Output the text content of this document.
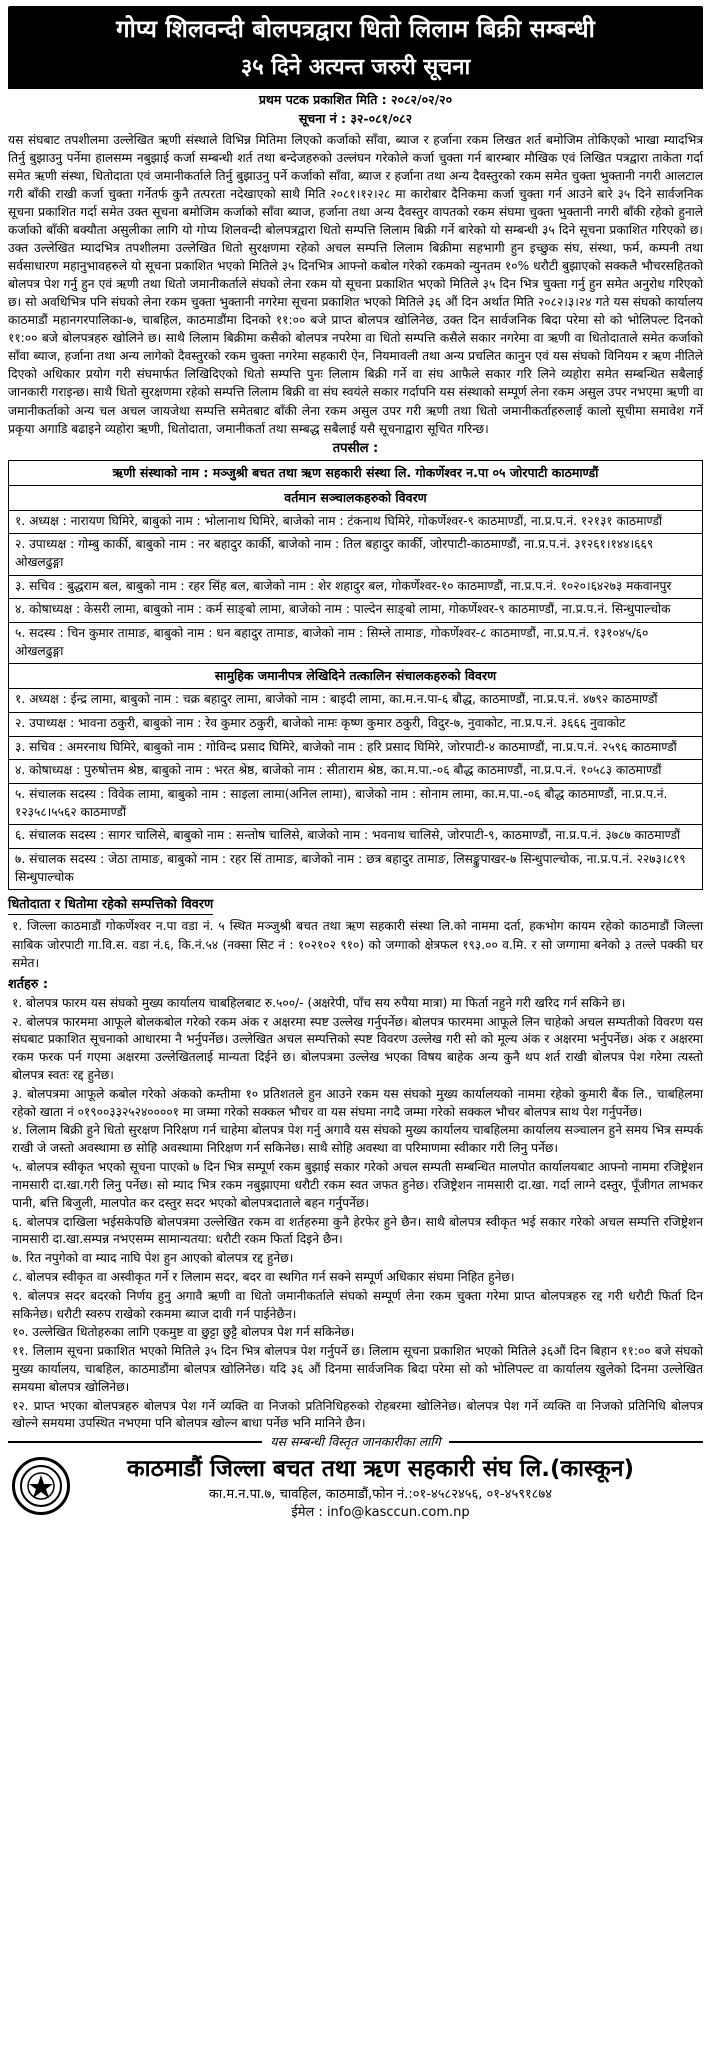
गोप्य शिलवन्दी बोलपत्रद्वारा धितो लिलाम बिक्री सम्बन्धी
३५ दिने अत्यन्त जरुरी सूचना
प्रथम पटक प्रकाशित मिति : २०८२/०२/२०
सूचना नं : ३२-०८१/०८२
यस संघबाट तपशीलमा उल्लेखित ऋणी संस्थाले विभिन्न मितिमा लिएको कर्जाको साँवा, ब्याज र हर्जाना रकम लिखत शर्त बमोजिम तोकिएको भाखा म्यादभित्र तिर्नु बुझाउनु पर्नेमा हालसम्म नबुझाई कर्जा सम्बन्धी शर्त तथा बन्देजहरुको उल्लंघन गरेकोले कर्जा चुक्ता गर्न बारम्बार मौखिक एवं लिखित पत्रद्वारा ताकेता गर्दा समेत ऋणी संस्था, धितोदाता एवं जमानीकर्ताले तिर्नु बुझाउनु पर्ने कर्जाको साँवा, ब्याज र हर्जाना तथा अन्य दैवस्तुरको रकम समेत चुक्ता भुक्तानी नगरी आलटाल गरी बाँकी राखी कर्जा चुक्ता गर्नेतर्फ कुनै तत्परता नदेखाएको साथै मिति २०८१।१२।२८ मा कारोबार दैनिकमा कर्जा चुक्ता गर्न आउने बारे ३५ दिने सार्वजनिक सूचना प्रकाशित गर्दा समेत उक्त सूचना बमोजिम कर्जाको साँवा ब्याज, हर्जाना तथा अन्य दैवस्तुर वापतको रकम संघमा चुक्ता भुक्तानी नगरी बाँकी रहेको हुनाले कर्जाको बाँकी बक्यौता असुलीका लागि यो गोप्य शिलवन्दी बोलपत्रद्वारा धितो सम्पत्ति लिलाम बिक्री गर्ने बारेको यो सम्बन्धी ३५ दिने सूचना प्रकाशित गरिएको छ। उक्त उल्लेखित म्यादभित्र तपशीलमा उल्लेखित धितो सुरक्षणमा रहेको अचल सम्पत्ति लिलाम बिक्रीमा सहभागी हुन इच्छुक संघ, संस्था, फर्म, कम्पनी तथा सर्वसाधारण महानुभावहरुले यो सूचना प्रकाशित भएको मितिले ३५ दिनभित्र आफ्नो कबोल गरेको रकमको न्युनतम १०% धरौटी बुझाएको सक्कलै भौचरसहितको बोलपत्र पेश गर्नु हुन एवं ऋणी तथा धितो जमानीकर्ताले संघको लेना रकम यो सूचना प्रकाशित भएको मितिले ३५ दिन भित्र चुक्ता गर्नु हुन समेत अनुरोध गरिएको छ। सो अवधिभित्र पनि संघको लेना रकम चुक्ता भुक्तानी नगरेमा सूचना प्रकाशित भएको मितिले ३६ औं दिन अर्थात मिति २०८२।३।२४ गते यस संघको कार्यालय काठमाडौं महानगरपालिका-७, चाबहिल, काठमाडौंमा दिनको ११:०० बजे प्राप्त बोलपत्र खोलिनेछ, उक्त दिन सार्वजनिक बिदा परेमा सो को भोलिपल्ट दिनको ११:०० बजे बोलपत्रहरु खोलिने छ। साथै लिलाम बिक्रीमा कसैको बोलपत्र नपरेमा वा धितो सम्पत्ति कसैले सकार नगरेमा वा ऋणी वा धितोदाताले समेत कर्जाको साँवा ब्याज, हर्जाना तथा अन्य लागेको दैवस्तुरको रकम चुक्ता नगरेमा सहकारी ऐन, नियमावली तथा अन्य प्रचलित कानुन एवं यस संघको विनियम र ऋण नीतिले दिएको अधिकार प्रयोग गरी संघमार्फत लिखिदिएको धितो सम्पत्ति पुनः लिलाम बिक्री गर्ने वा संघ आफैले सकार गरि लिने व्यहोरा समेत सम्बन्धित सबैलाई जानकारी गराइन्छ। साथै धितो सुरक्षणमा रहेको सम्पत्ति लिलाम बिक्री वा संघ स्वयंले सकार गर्दापनि यस संस्थाको सम्पूर्ण लेना रकम असुल उपर नभएमा ऋणी वा जमानीकर्ताको अन्य चल अचल जायजेथा सम्पत्ति समेतबाट बाँकी लेना रकम असुल उपर गरी ऋणी तथा धितो जमानीकर्ताहरुलाई कालो सूचीमा समावेश गर्ने प्रकृया अगाडि बढाइने व्यहोरा ऋणी, धितोदाता, जमानीकर्ता तथा सम्बद्ध सबैलाई यसै सूचनाद्वारा सूचित गरिन्छ।
तपसील :
ऋणी संस्थाको नाम : मञ्जुश्री बचत तथा ऋण सहकारी संस्था लि. गोकर्णेश्वर न.पा ०५ जोरपाटी काठमाण्डौं
वर्तमान सञ्चालकहरुको विवरण
१. अध्यक्ष : नारायण घिमिरे, बाबुको नाम : भोलानाथ घिमिरे, बाजेको नाम : टंकनाथ घिमिरे, गोकर्णेश्वर-९ काठमाण्डौं, ना.प्र.प.नं. १२१३१ काठमाण्डौं
२. उपाध्यक्ष : गोम्बु कार्की, बाबुको नाम : नर बहादुर कार्की, बाजेको नाम : तिल बहादुर कार्की, जोरपाटी-काठमाण्डौं, ना.प्र.प.नं. ३१२६१।१४४।६६९ ओखलढुङ्गा
३. सचिव : बुद्धराम बल, बाबुको नाम : रहर सिंह बल, बाजेको नाम : शेर शहादुर बल, गोकर्णेश्वर-१० काठमाण्डौं, ना.प्र.प.नं. १०२०।६४२७३ मकवानपुर
४. कोषाध्यक्ष : केसरी लामा, बाबुको नाम : कर्म साङ्बो लामा, बाजेको नाम : पाल्देन साङ्बो लामा, गोकर्णेश्वर-९ काठमाण्डौं, ना.प्र.प.नं. सिन्धुपाल्चोक
५. सदस्य : चिन कुमार तामाङ, बाबुको नाम : धन बहादुर तामाङ, बाजेको नाम : सिम्ले तामाङ, गोकर्णेश्वर-८ काठमाण्डौं, ना.प्र.प.नं. १३१०४५/६० ओखलढुङ्गा
सामुहिक जमानीपत्र लेखिदिने तत्कालिन संचालकहरुको विवरण
१. अध्यक्ष : ईन्द्र लामा, बाबुको नाम : चक्र बहादुर लामा, बाजेको नाम : बाइदी लामा, का.म.न.पा-६ बौद्ध, काठमाण्डौं, ना.प्र.प.नं. ४७९२ काठमाण्डौं
२. उपाध्यक्ष : भावना ठकुरी, बाबुको नाम : रेव कुमार ठकुरी, बाजेको नामः कृष्ण कुमार ठकुरी, विदुर-७, नुवाकोट, ना.प्र.प.नं. ३६६६ नुवाकोट
३. सचिव : अमरनाथ घिमिरे, बाबुको नाम : गोविन्द प्रसाद घिमिरे, बाजेको नाम : हरि प्रसाद घिमिरे, जोरपाटी-४ काठमाण्डौं, ना.प्र.प.नं. २५९६ काठमाण्डौं
४. कोषाध्यक्ष : पुरुषोत्तम श्रेष्ठ, बाबुको नाम : भरत श्रेष्ठ, बाजेको नाम : सीताराम श्रेष्ठ, का.म.पा.-०६ बौद्ध काठमाण्डौं, ना.प्र.प.नं. १०५८३ काठमाण्डौं
५. संचालक सदस्य : विवेक लामा, बाबुको नाम : साइला लामा(अनिल लामा), बाजेको नाम : सोनाम लामा, का.म.पा.-०६ बौद्ध काठमाण्डौं, ना.प्र.प.नं. १२३५८।५५६२ काठमाण्डौं
६. संचालक सदस्य : सागर चालिसे, बाबुको नाम : सन्तोष चालिसे, बाजेको नाम : भवनाथ चालिसे, जोरपाटी-९, काठमाण्डौं, ना.प्र.प.नं. ३७८७ काठमाण्डौं
७. संचालक सदस्य : जेठा तामाङ, बाबुको नाम : रहर सिं तामाङ, बाजेको नाम : छत्र बहादुर तामाङ, लिसङ्कुपाखर-७ सिन्धुपाल्चोक, ना.प्र.प.नं. २२७३।८१९ सिन्धुपाल्चोक
धितोदाता र धितोमा रहेको सम्पत्तिको विवरण
१. जिल्ला काठमाडौं गोकर्णेश्वर न.पा वडा नं. ५ स्थित मञ्जुश्री बचत तथा ऋण सहकारी संस्था लि.को नाममा दर्ता, हकभोग कायम रहेको काठमाडौं जिल्ला साबिक जोरपाटी गा.वि.स. वडा नं.६, कि.नं.५४ (नक्सा सिट नं : १०२१०२ ९१०) को जग्गाको क्षेत्रफल १९३.०० व.मि. र सो जग्गामा बनेको ३ तल्ले पक्की घर समेत।
शर्तहरु :
१. बोलपत्र फारम यस संघको मुख्य कार्यालय चाबहिलबाट रु.५००/- (अक्षरेपी, पाँच सय रुपैया मात्रा) मा फिर्ता नहुने गरी खरिद गर्न सकिने छ।
२. बोलपत्र फारममा आफूले बोलकबोल गरेको रकम अंक र अक्षरमा स्पष्ट उल्लेख गर्नुपर्नेछ। बोलपत्र फारममा आफूले लिन चाहेको अचल सम्पतीको विवरण यस संघबाट प्रकाशित सूचनाको आधारमा नै भर्नुपर्नेछ। उल्लेखित अचल सम्पत्तिको स्पष्ट विवरण उल्लेख गरी सो को मूल्य अंक र अक्षरमा भर्नुपर्नेछ। अंक र अक्षरमा रकम फरक पर्न गएमा अक्षरमा उल्लेखितलाई मान्यता दिईने छ। बोलपत्रमा उल्लेख भएका विषय बाहेक अन्य कुनै थप शर्त राखी बोलपत्र पेश गरेमा त्यस्तो बोलपत्र स्वतः रद्द हुनेछ।
३. बोलपत्रमा आफूले कबोल गरेको अंकको कम्तीमा १० प्रतिशतले हुन आउने रकम यस संघको मुख्य कार्यालयको नाममा रहेको कुमारी बैंक लि., चाबहिलमा रहेको खाता नं ०१९००३३२५२४००००१ मा जम्मा गरेको सक्कल भौचर वा यस संघमा नगदै जम्मा गरेको सक्कल भौचर बोलपत्र साथ पेश गर्नुपर्नेछ।
४. लिलाम बिक्री हुने धितो सुरक्षण निरिक्षण गर्न चाहेमा बोलपत्र पेश गर्नु अगावै यस संघको मुख्य कार्यालय चाबहिलमा कार्यालय सञ्चालन हुने समय भित्र सम्पर्क राखी जे जस्तो अवस्थामा छ सोहि अवस्थामा निरिक्षण गर्न सकिनेछ। साथै सोहि अवस्था वा परिमाणमा स्वीकार गरी लिनु पर्नेछ।
५. बोलपत्र स्वीकृत भएको सूचना पाएको ७ दिन भित्र सम्पूर्ण रकम बुझाई सकार गरेको अचल सम्पती सम्बन्धित मालपोत कार्यालयबाट आफ्नो नाममा रजिष्ट्रेशन नामसारी दा.खा.गरी लिनु पर्नेछ। सो म्याद भित्र रकम नबुझाएमा धरौटी रकम स्वत जफत हुनेछ। रजिष्ट्रेशन नामसारी दा.खा. गर्दा लाग्ने दस्तुर, पूँजीगत लाभकर पानी, बत्ति बिजुली, मालपोत कर दस्तुर सदर भएको बोलपत्रदाताले बहन गर्नुपर्नेछ।
६. बोलपत्र दाखिला भईसकेपछि बोलपत्रमा उल्लेखित रकम वा शर्तहरुमा कुनै हेरफेर हुने छैन। साथै बोलपत्र स्वीकृत भई सकार गरेको अचल सम्पत्ति रजिष्ट्रेशन नामसारी दा.खा.सम्पन्न नभएसम्म सामान्यतया: धरौटी रकम फिर्ता दिइने छैन।
७. रित नपुगेको वा म्याद नाघि पेश हुन आएको बोलपत्र रद्द हुनेछ।
८. बोलपत्र स्वीकृत वा अस्वीकृत गर्ने र लिलाम सदर, बदर वा स्थगित गर्न सक्ने सम्पूर्ण अधिकार संघमा निहित हुनेछ।
९. बोलपत्र सदर बदरको निर्णय हुनु अगावै ऋणी वा धितो जमानीकर्ताले संघको सम्पूर्ण लेना रकम चुक्ता गरेमा प्राप्त बोलपत्रहरु रद्द गरी धरौटी फिर्ता दिन सकिनेछ। धरौटी स्वरुप राखेको रकममा ब्याज दावी गर्न पाईनेछैन।
१०. उल्लेखित धितोहरुका लागि एकमुष्ट वा छुट्टा छुट्टै बोलपत्र पेश गर्न सकिनेछ।
११. लिलाम सूचना प्रकाशित भएको मितिले ३५ दिन भित्र बोलपत्र पेश गर्नुपर्ने छ। लिलाम सूचना प्रकाशित भएको मितिले ३६औं दिन बिहान ११:०० बजे संघको मुख्य कार्यालय, चाबहिल, काठमाडौंमा बोलपत्र खोलिनेछ। यदि ३६ औं दिनमा सार्वजनिक बिदा परेमा सो को भोलिपल्ट वा कार्यालय खुलेको दिनमा उल्लेखित समयमा बोलपत्र खोलिनेछ।
१२. प्राप्त भएका बोलपत्रहरु बोलपत्र पेश गर्ने व्यक्ति वा निजको प्रतिनिधिहरुको रोहबरमा खोलिनेछ। बोलपत्र पेश गर्ने व्यक्ति वा निजको प्रतिनिधि बोलपत्र खोल्ने समयमा उपस्थित नभएमा पनि बोलपत्र खोल्न बाधा पर्नेछ भनि मानिने छैन।
यस सम्बन्धी विस्तृत जानकारीका लागि
काठमाडौं जिल्ला बचत तथा ऋण सहकारी संघ लि.(कास्कून)
का.म.न.पा.७, चावहिल, काठमाडौं,फोन नं.:०१-४५८२४५६, ०१-४५९१८७४
ईमेल : info@kasccun.com.np
